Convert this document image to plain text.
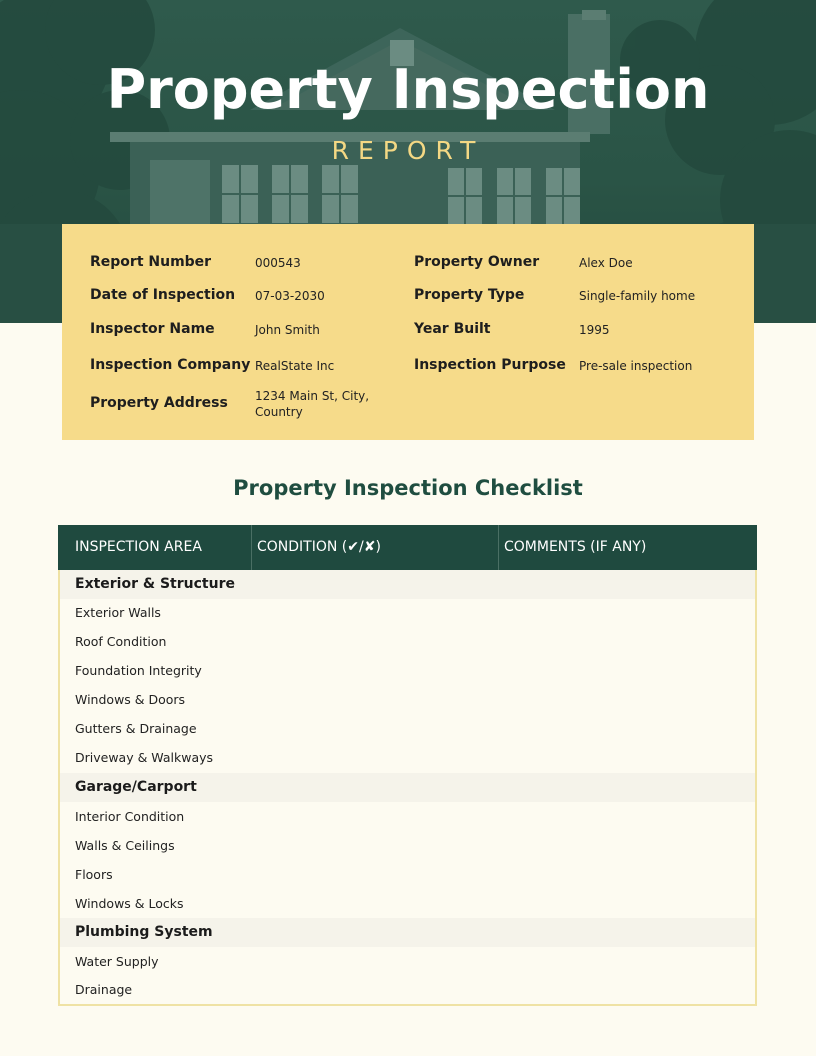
Property Inspection
REPORT
Report Number	000543
Date of Inspection 07-03-2030
Inspector Name	John Smith
Inspection Company RealState Inc
Property Address 1234 Main St, City,
Country
Property Owner	Alex Doe
Property Type	Single-family home
Year Built	1995
Inspection Purpose Pre-sale inspection
Property Inspection Checklist
INSPECTION AREA	CONDITION (✔/✘)	COMMENTS (IF ANY)
Exterior & Structure
Exterior Walls
Roof Condition
Foundation Integrity
Windows & Doors
Gutters & Drainage
Driveway & Walkways
Garage/Carport
Interior Condition
Walls & Ceilings
Floors
Windows & Locks
Plumbing System
Water Supply
Drainage
